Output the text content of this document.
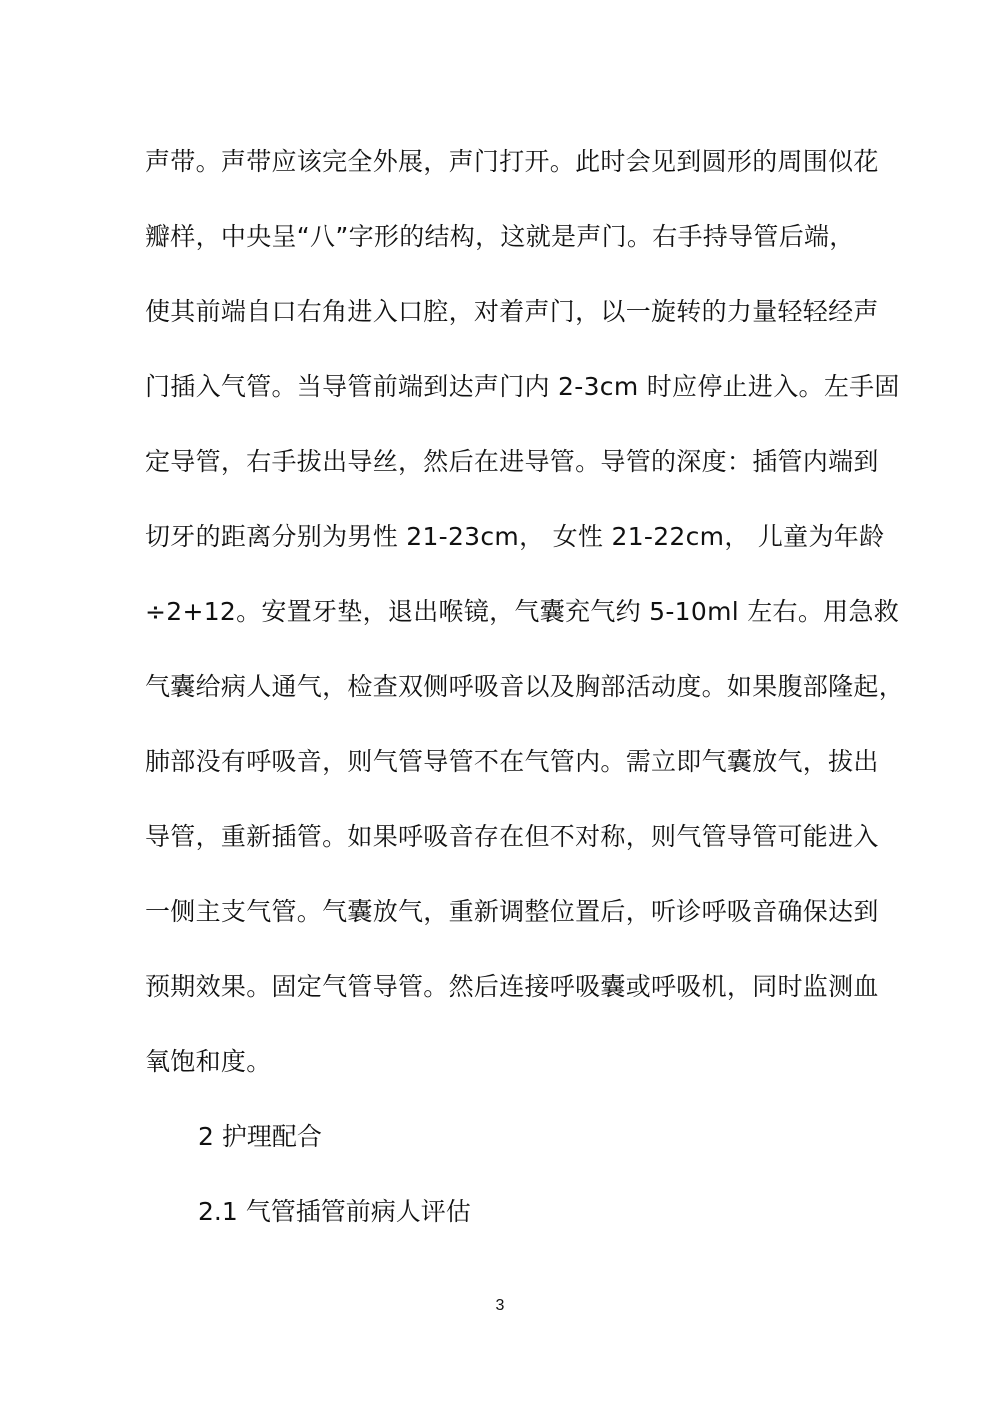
声带。声带应该完全外展，声门打开。此时会见到圆形的周围似花
瓣样，中央呈“八”字形的结构，这就是声门。右手持导管后端，
使其前端自口右角进入口腔，对着声门，以一旋转的力量轻轻经声
门插入气管。当导管前端到达声门内 2-3cm 时应停止进入。左手固
定导管，右手拔出导丝，然后在进导管。导管的深度：插管内端到
切牙的距离分别为男性 21-23cm， 女性 21-22cm， 儿童为年龄
÷2+12。安置牙垫，退出喉镜，气囊充气约 5-10ml 左右。用急救
气囊给病人通气，检查双侧呼吸音以及胸部活动度。如果腹部隆起，
肺部没有呼吸音，则气管导管不在气管内。需立即气囊放气，拔出
导管，重新插管。如果呼吸音存在但不对称，则气管导管可能进入
一侧主支气管。气囊放气，重新调整位置后，听诊呼吸音确保达到
预期效果。固定气管导管。然后连接呼吸囊或呼吸机，同时监测血
氧饱和度。
2 护理配合
2.1 气管插管前病人评估
3
